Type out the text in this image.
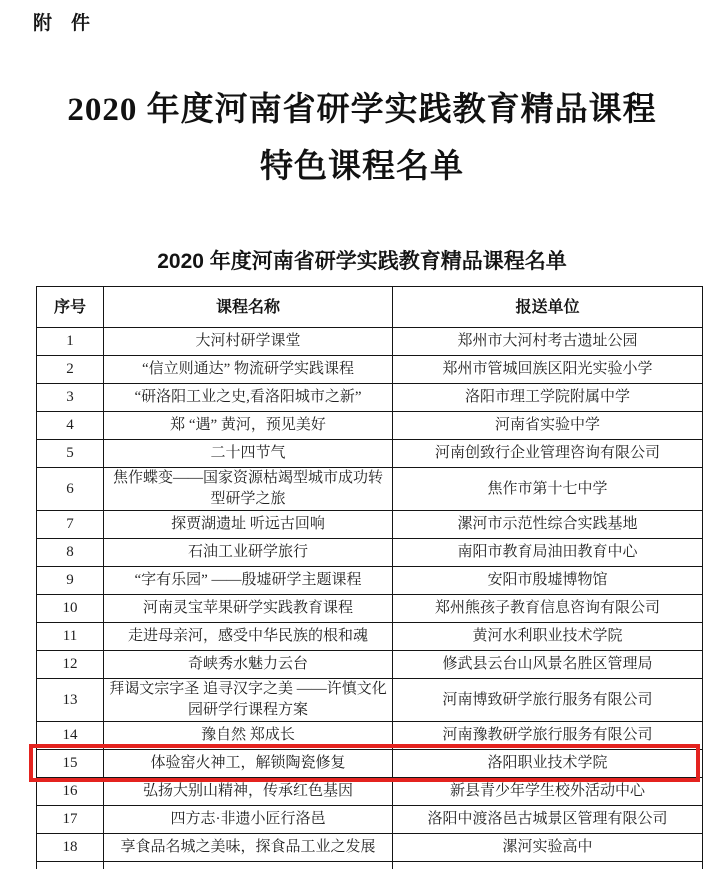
附　件
2020 年度河南省研学实践教育精品课程
特色课程名单
2020 年度河南省研学实践教育精品课程名单
序号	课程名称	报送单位
1	大河村研学课堂	郑州市大河村考古遗址公园
2	“信立则通达” 物流研学实践课程	郑州市管城回族区阳光实验小学
3	“研洛阳工业之史,看洛阳城市之新”	洛阳市理工学院附属中学
4	郑 “遇” 黄河，预见美好	河南省实验中学
5	二十四节气	河南创致行企业管理咨询有限公司
6	焦作蝶变——国家资源枯竭型城市成功转型研学之旅	焦作市第十七中学
7	探贾湖遗址 听远古回响	漯河市示范性综合实践基地
8	石油工业研学旅行	南阳市教育局油田教育中心
9	“字有乐园” ——殷墟研学主题课程	安阳市殷墟博物馆
10	河南灵宝苹果研学实践教育课程	郑州熊孩子教育信息咨询有限公司
11	走进母亲河，感受中华民族的根和魂	黄河水利职业技术学院
12	奇峡秀水魅力云台	修武县云台山风景名胜区管理局
13	拜谒文宗字圣 追寻汉字之美 ——许慎文化园研学行课程方案	河南博致研学旅行服务有限公司
14	豫自然 郑成长	河南豫教研学旅行服务有限公司
15	体验窑火神工，解锁陶瓷修复	洛阳职业技术学院
16	弘扬大别山精神，传承红色基因	新县青少年学生校外活动中心
17	四方志·非遗小匠行洛邑	洛阳中渡洛邑古城景区管理有限公司
18	享食品名城之美味，探食品工业之发展	漯河实验高中
